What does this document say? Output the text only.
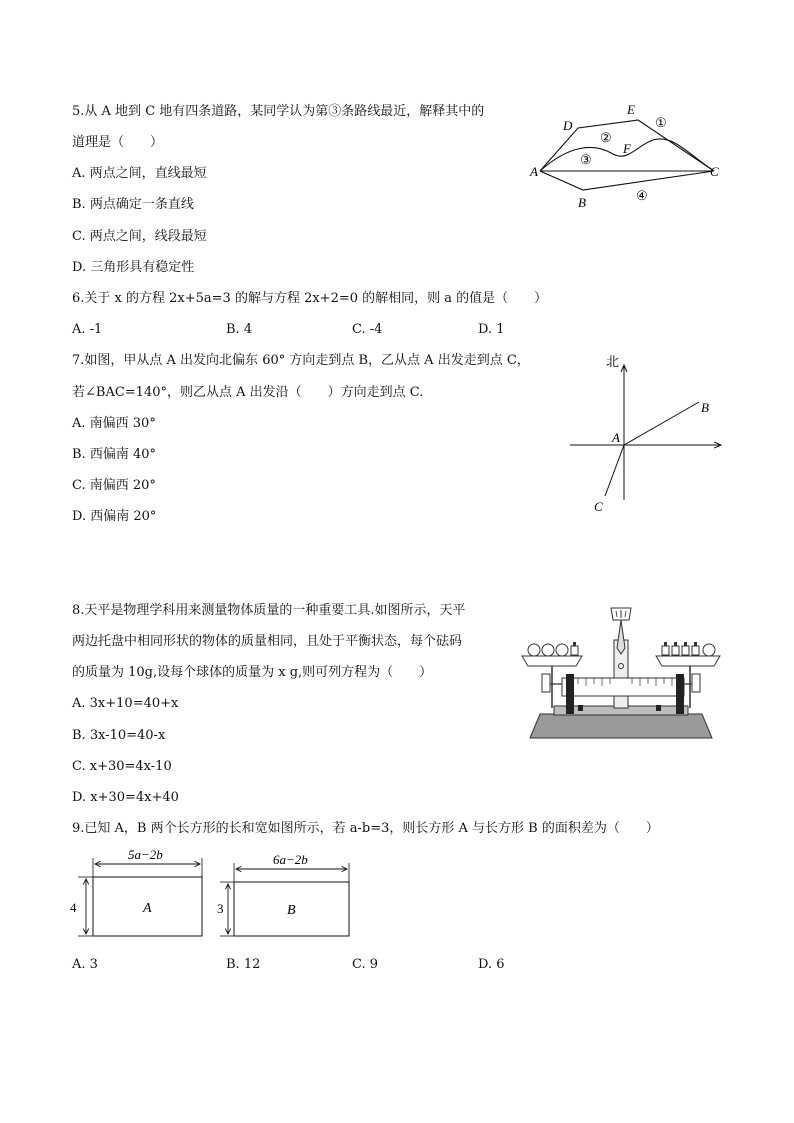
5.从 A 地到 C 地有四条道路，某同学认为第③条路线最近，解释其中的
道理是（　　）
A. 两点之间，直线最短
B. 两点确定一条直线
C. 两点之间，线段最短
D. 三角形具有稳定性
A
B
C
D
E
F
①
②
③
④
6.关于 x 的方程 2x+5a=3 的解与方程 2x+2=0 的解相同，则 a 的值是（　　）
A. -1	B. 4	C. -4	D. 1
7.如图，甲从点 A 出发向北偏东 60° 方向走到点 B，乙从点 A 出发走到点 C，
若∠BAC=140°，则乙从点 A 出发沿（　　）方向走到点 C.
A. 南偏西 30°
B. 西偏南 40°
C. 南偏西 20°
D. 西偏南 20°
北
A
B
C
8.天平是物理学科用来测量物体质量的一种重要工具.如图所示，天平
两边托盘中相同形状的物体的质量相同，且处于平衡状态，每个砝码
的质量为 10g,设每个球体的质量为 x g,则可列方程为（　　）
A. 3x+10=40+x
B. 3x-10=40-x
C. x+30=4x-10
D. x+30=4x+40
9.已知 A，B 两个长方形的长和宽如图所示，若 a-b=3，则长方形 A 与长方形 B 的面积差为（　　）
5a−2b
4	A
6a−2b
3	B
A. 3	B. 12	C. 9	D. 6
